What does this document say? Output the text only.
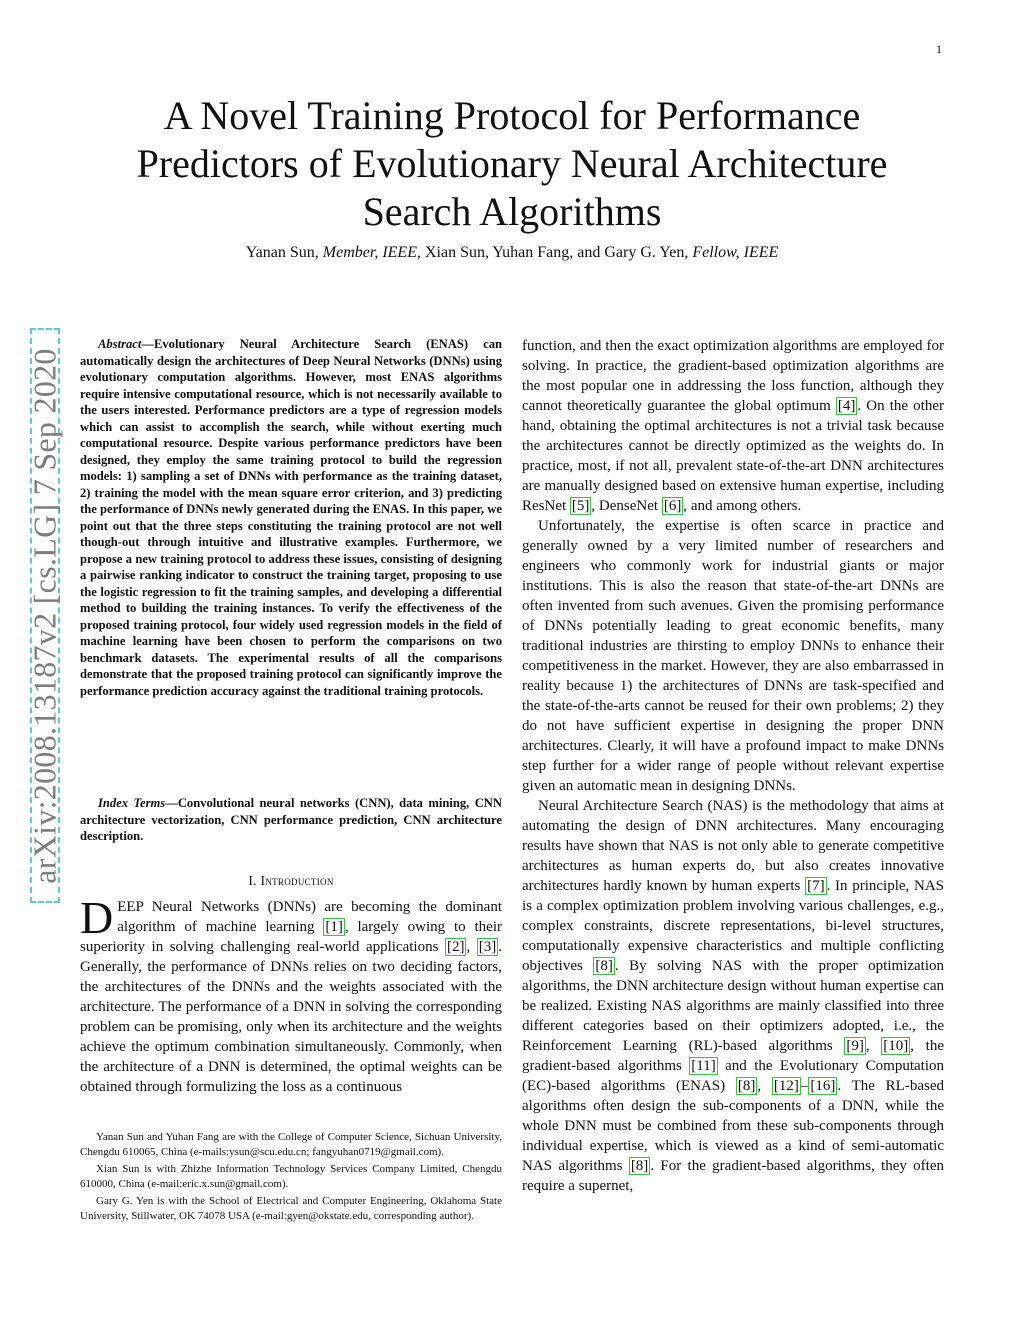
1
A Novel Training Protocol for Performance Predictors of Evolutionary Neural Architecture Search Algorithms
Yanan Sun, Member, IEEE, Xian Sun, Yuhan Fang, and Gary G. Yen, Fellow, IEEE
arXiv:2008.13187v2 [cs.LG] 7 Sep 2020
Abstract—Evolutionary Neural Architecture Search (ENAS) can automatically design the architectures of Deep Neural Networks (DNNs) using evolutionary computation algorithms. However, most ENAS algorithms require intensive computational resource, which is not necessarily available to the users interested. Performance predictors are a type of regression models which can assist to accomplish the search, while without exerting much computational resource. Despite various performance predictors have been designed, they employ the same training protocol to build the regression models: 1) sampling a set of DNNs with performance as the training dataset, 2) training the model with the mean square error criterion, and 3) predicting the performance of DNNs newly generated during the ENAS. In this paper, we point out that the three steps constituting the training protocol are not well though-out through intuitive and illustrative examples. Furthermore, we propose a new training protocol to address these issues, consisting of designing a pairwise ranking indicator to construct the training target, proposing to use the logistic regression to fit the training samples, and developing a differential method to building the training instances. To verify the effectiveness of the proposed training protocol, four widely used regression models in the field of machine learning have been chosen to perform the comparisons on two benchmark datasets. The experimental results of all the comparisons demonstrate that the proposed training protocol can significantly improve the performance prediction accuracy against the traditional training protocols.
Index Terms—Convolutional neural networks (CNN), data mining, CNN architecture vectorization, CNN performance prediction, CNN architecture description.
I. Introduction
DEEP Neural Networks (DNNs) are becoming the dominant algorithm of machine learning [1] , largely owing to their superiority in solving challenging real-world applications [2] , [3] . Generally, the performance of DNNs relies on two deciding factors, the architectures of the DNNs and the weights associated with the architecture. The performance of a DNN in solving the corresponding problem can be promising, only when its architecture and the weights achieve the optimum combination simultaneously. Commonly, when the architecture of a DNN is determined, the optimal weights can be obtained through formulizing the loss as a continuous

Yanan Sun and Yuhan Fang are with the College of Computer Science, Sichuan University, Chengdu 610065, China (e-mails:ysun@scu.edu.cn; fangyuhan0719@gmail.com).

Xian Sun is with Zhizhe Information Technology Services Company Limited, Chengdu 610000, China (e-mail:eric.x.sun@gmail.com).

Gary G. Yen is with the School of Electrical and Computer Engineering, Oklahoma State University, Stillwater, OK 74078 USA (e-mail:gyen@okstate.edu, corresponding author).

function, and then the exact optimization algorithms are employed for solving. In practice, the gradient-based optimization algorithms are the most popular one in addressing the loss function, although they cannot theoretically guarantee the global optimum [4] . On the other hand, obtaining the optimal architectures is not a trivial task because the architectures cannot be directly optimized as the weights do. In practice, most, if not all, prevalent state-of-the-art DNN architectures are manually designed based on extensive human expertise, including ResNet [5] , DenseNet [6] , and among others.

Unfortunately, the expertise is often scarce in practice and generally owned by a very limited number of researchers and engineers who commonly work for industrial giants or major institutions. This is also the reason that state-of-the-art DNNs are often invented from such avenues. Given the promising performance of DNNs potentially leading to great economic benefits, many traditional industries are thirsting to employ DNNs to enhance their competitiveness in the market. However, they are also embarrassed in reality because 1) the architectures of DNNs are task-specified and the state-of-the-arts cannot be reused for their own problems; 2) they do not have sufficient expertise in designing the proper DNN architectures. Clearly, it will have a profound impact to make DNNs step further for a wider range of people without relevant expertise given an automatic mean in designing DNNs.

Neural Architecture Search (NAS) is the methodology that aims at automating the design of DNN architectures. Many encouraging results have shown that NAS is not only able to generate competitive architectures as human experts do, but also creates innovative architectures hardly known by human experts [7] . In principle, NAS is a complex optimization problem involving various challenges, e.g., complex constraints, discrete representations, bi-level structures, computationally expensive characteristics and multiple conflicting objectives [8] . By solving NAS with the proper optimization algorithms, the DNN architecture design without human expertise can be realized. Existing NAS algorithms are mainly classified into three different categories based on their optimizers adopted, i.e., the Reinforcement Learning (RL)-based algorithms [9] , [10] , the gradient-based algorithms [11] and the Evolutionary Computation (EC)-based algorithms (ENAS) [8] , [12] – [16] . The RL-based algorithms often design the sub-components of a DNN, while the whole DNN must be combined from these sub-components through individual expertise, which is viewed as a kind of semi-automatic NAS algorithms [8] . For the gradient-based algorithms, they often require a supernet,
